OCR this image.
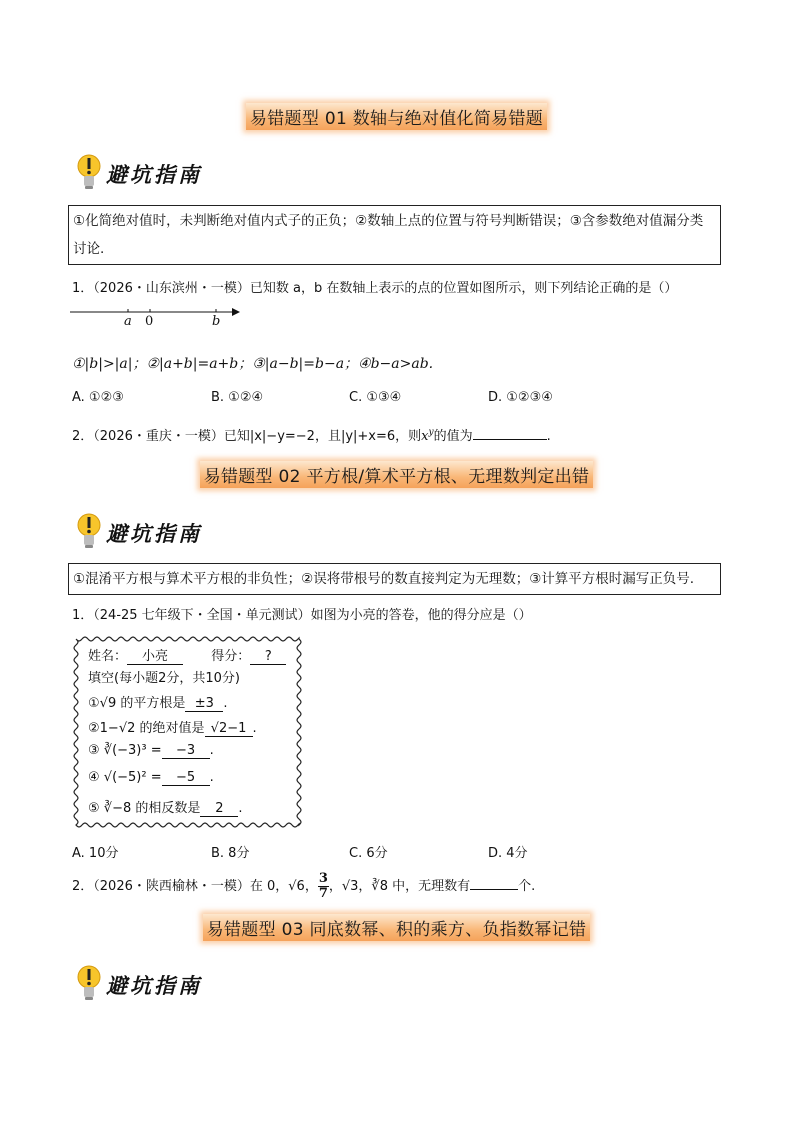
易错题型 01 数轴与绝对值化简易错题
避坑指南
①化简绝对值时，未判断绝对值内式子的正负；②数轴上点的位置与符号判断错误；③含参数绝对值漏分类讨论.
1．（2026・山东滨州・一模）已知数 a，b 在数轴上表示的点的位置如图所示，则下列结论正确的是（）
a 0	b
①|b|>|a|；②|a+b|=a+b；③|a−b|=b−a；④b−a>ab.
A. ①②③	B. ①②④	C. ①③④	D. ①②③④
2．（2026・重庆・一模）已知|x|−y=−2，且|y|+x=6，则$x^y$的值为	.
易错题型 02 平方根/算术平方根、无理数判定出错
避坑指南
①混淆平方根与算术平方根的非负性；②误将带根号的数直接判定为无理数；③计算平方根时漏写正负号.
1．（24-25 七年级下・全国・单元测试）如图为小亮的答卷，他的得分应是（）
姓名： 小亮	得分： ?
填空(每小题2分，共10分)
①√9 的平方根是 ±3 .
②1−√2 的绝对值是 √2−1 .
③ ∛(−3)³ = −3 .
④ √(−5)² = −5 .
⑤ ∛−8 的相反数是 2 .
A. 10分	B. 8分	C. 6分	D. 4分
2．（2026・陕西榆林・一模）在 0，√6， $\frac{3}{7}$ ，√3，∛8 中，无理数有	个.
易错题型 03 同底数幂、积的乘方、负指数幂记错
避坑指南
